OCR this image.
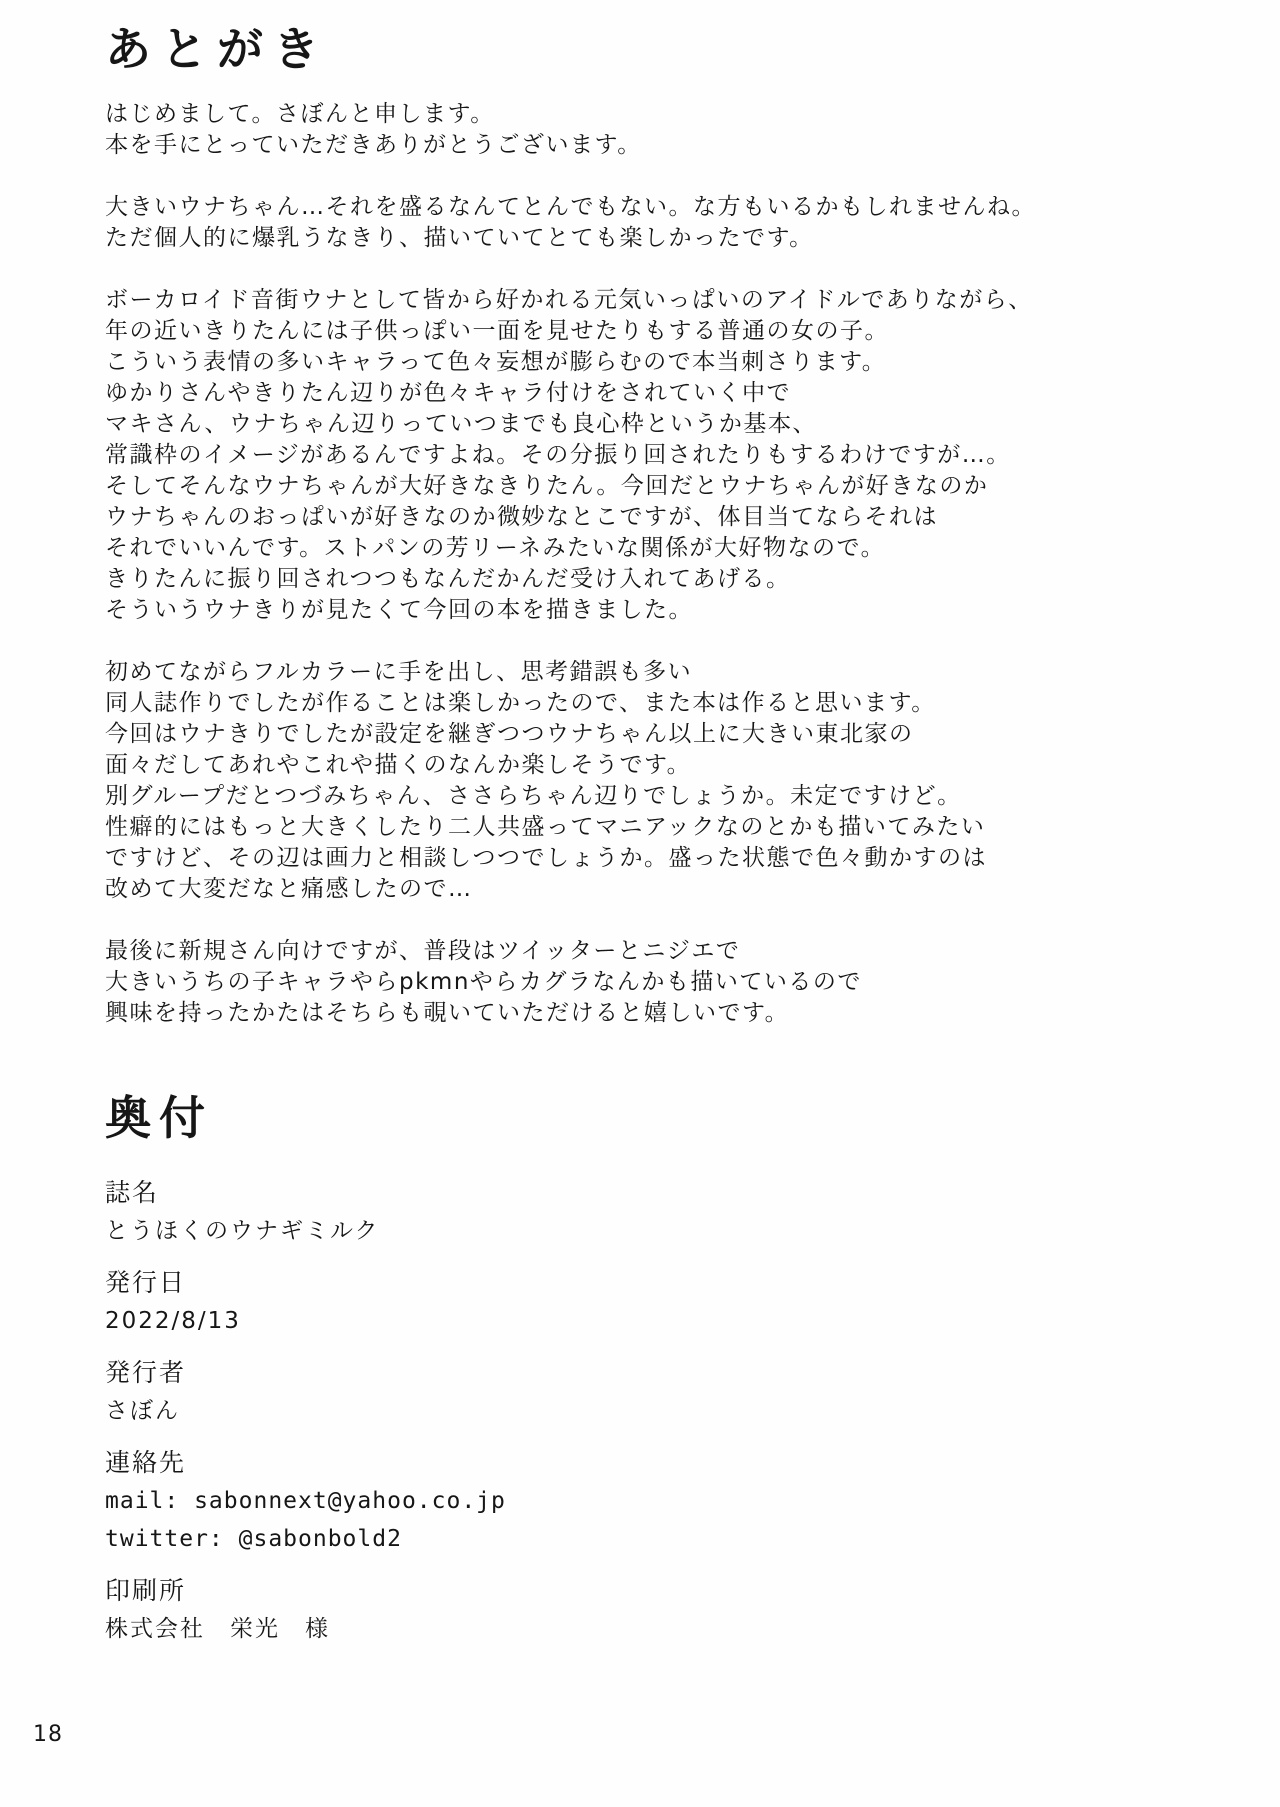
あとがき
はじめまして。さぼんと申します。
本を手にとっていただきありがとうございます。
大きいウナちゃん…それを盛るなんてとんでもない。な方もいるかもしれませんね。
ただ個人的に爆乳うなきり、描いていてとても楽しかったです。
ボーカロイド音街ウナとして皆から好かれる元気いっぱいのアイドルでありながら、
年の近いきりたんには子供っぽい一面を見せたりもする普通の女の子。
こういう表情の多いキャラって色々妄想が膨らむので本当刺さります。
ゆかりさんやきりたん辺りが色々キャラ付けをされていく中で
マキさん、ウナちゃん辺りっていつまでも良心枠というか基本、
常識枠のイメージがあるんですよね。その分振り回されたりもするわけですが…。
そしてそんなウナちゃんが大好きなきりたん。今回だとウナちゃんが好きなのか
ウナちゃんのおっぱいが好きなのか微妙なとこですが、体目当てならそれは
それでいいんです。ストパンの芳リーネみたいな関係が大好物なので。
きりたんに振り回されつつもなんだかんだ受け入れてあげる。
そういうウナきりが見たくて今回の本を描きました。
初めてながらフルカラーに手を出し、思考錯誤も多い
同人誌作りでしたが作ることは楽しかったので、また本は作ると思います。
今回はウナきりでしたが設定を継ぎつつウナちゃん以上に大きい東北家の
面々だしてあれやこれや描くのなんか楽しそうです。
別グループだとつづみちゃん、ささらちゃん辺りでしょうか。未定ですけど。
性癖的にはもっと大きくしたり二人共盛ってマニアックなのとかも描いてみたい
ですけど、その辺は画力と相談しつつでしょうか。盛った状態で色々動かすのは
改めて大変だなと痛感したので…
最後に新規さん向けですが、普段はツイッターとニジエで
大きいうちの子キャラやらpkmnやらカグラなんかも描いているので
興味を持ったかたはそちらも覗いていただけると嬉しいです。
奥付
誌名
とうほくのウナギミルク
発行日
2022/8/13
発行者
さぼん
連絡先
mail: sabonnext@yahoo.co.jp
twitter: @sabonbold2
印刷所
株式会社　栄光　様
18
